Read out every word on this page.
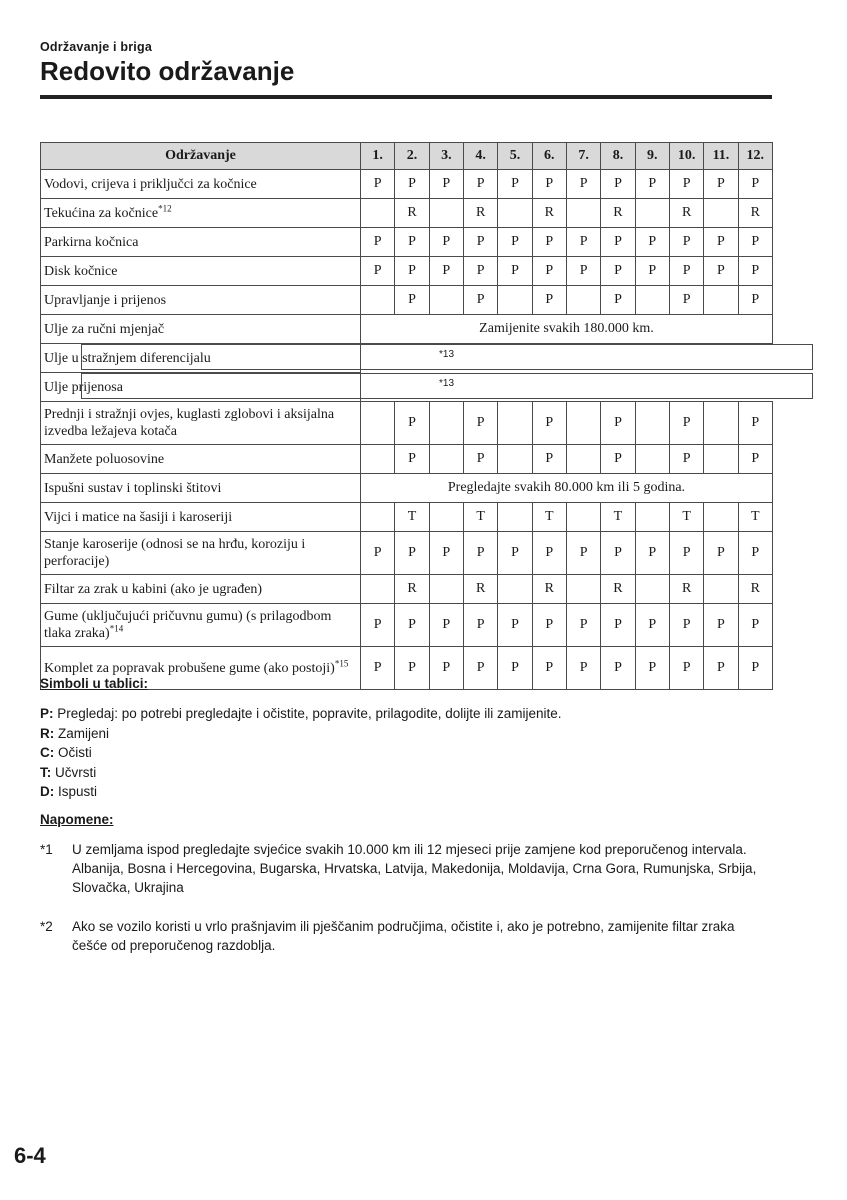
Održavanje i briga
Redovito održavanje
Održavanje	1.	2.	3.	4.	5.	6.	7.	8.	9.	10.	11.	12.
Vodovi, crijeva i priključci za kočnice	P	P	P	P	P	P	P	P	P	P	P	P
Tekućina za kočnice$^{*12}$		R		R		R		R		R		R
Parkirna kočnica	P	P	P	P	P	P	P	P	P	P	P	P
Disk kočnice	P	P	P	P	P	P	P	P	P	P	P	P
Upravljanje i prijenos		P		P		P		P		P		P
Ulje za ručni mjenjač	Zamijenite svakih 180.000 km.											
Ulje u stražnjem diferencijalu		*13

Ulje prijenosa		*13

Prednji i stražnji ovjes, kuglasti zglobovi i aksijalna izvedba ležajeva kotača		P		P		P		P		P		P
Manžete poluosovine		P		P		P		P		P		P
Ispušni sustav i toplinski štitovi	Pregledajte svakih 80.000 km ili 5 godina.											
Vijci i matice na šasiji i karoseriji		T		T		T		T		T		T
Stanje karoserije (odnosi se na hrđu, koroziju i perforacije)	P	P	P	P	P	P	P	P	P	P	P	P
Filtar za zrak u kabini (ako je ugrađen)		R		R		R		R		R		R
Gume (uključujući pričuvnu gumu) (s prilagodbom tlaka zraka)$^{*14}$	P	P	P	P	P	P	P	P	P	P	P	P
Komplet za popravak probušene gume (ako postoji)$^{*15}$	P	P	P	P	P	P	P	P	P	P	P	P
Simboli u tablici:
P: Pregledaj: po potrebi pregledajte i očistite, popravite, prilagodite, dolijte ili zamijenite.
R: Zamijeni
C: Očisti
T: Učvrsti
D: Ispusti
Napomene:
*1 U zemljama ispod pregledajte svjećice svakih 10.000 km ili 12 mjeseci prije zamjene kod preporučenog intervala.
Albanija, Bosna i Hercegovina, Bugarska, Hrvatska, Latvija, Makedonija, Moldavija, Crna Gora, Rumunjska, Srbija, Slovačka, Ukrajina
*2 Ako se vozilo koristi u vrlo prašnjavim ili pješčanim područjima, očistite i, ako je potrebno, zamijenite filtar zraka češće od preporučenog razdoblja.
6-4
